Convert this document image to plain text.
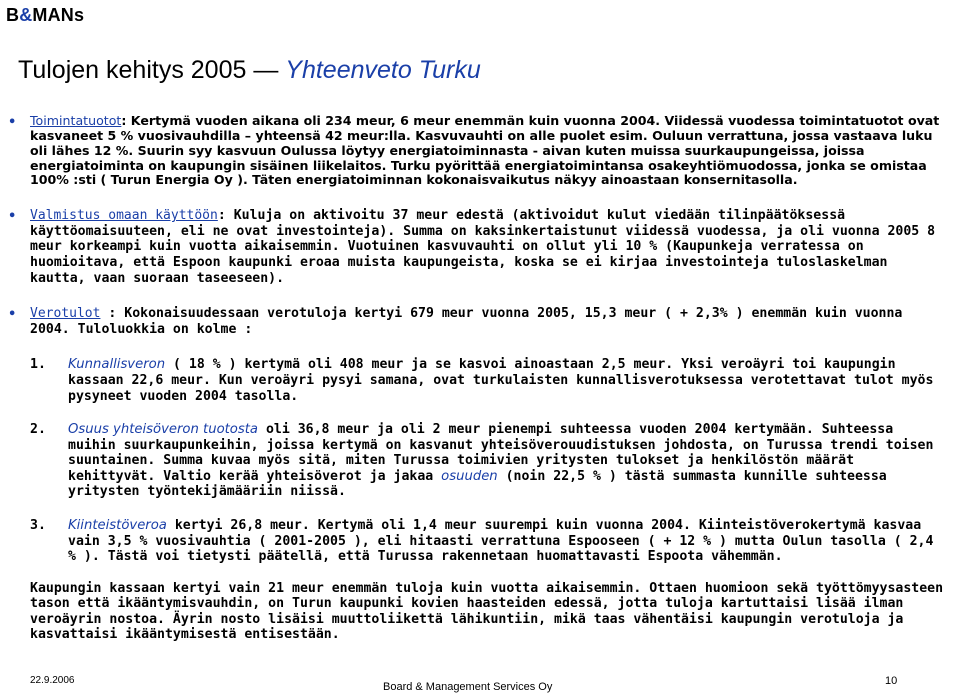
B&MANs
Tulojen kehitys 2005 — Yhteenveto Turku
• Toimintatuotot: Kertymä vuoden aikana oli 234 meur, 6 meur enemmän kuin vuonna 2004. Viidessä vuodessa toimintatuotot ovat kasvaneet 5 % vuosivauhdilla – yhteensä 42 meur:lla. Kasvuvauhti on alle puolet esim. Ouluun verrattuna, jossa vastaava luku oli lähes 12 %. Suurin syy kasvuun Oulussa löytyy energiatoiminnasta - aivan kuten muissa suurkaupungeissa, joissa energiatoiminta on kaupungin sisäinen liikelaitos. Turku pyörittää energiatoimintansa osakeyhtiömuodossa, jonka se omistaa 100% :sti ( Turun Energia Oy ). Täten energiatoiminnan kokonaisvaikutus näkyy ainoastaan konsernitasolla.
• Valmistus omaan käyttöön: Kuluja on aktivoitu 37 meur edestä (aktivoidut kulut viedään tilinpäätöksessä käyttöomaisuuteen, eli ne ovat investointeja). Summa on kaksinkertaistunut viidessä vuodessa, ja oli vuonna 2005 8 meur korkeampi kuin vuotta aikaisemmin. Vuotuinen kasvuvauhti on ollut yli 10 % (Kaupunkeja verratessa on huomioitava, että Espoon kaupunki eroaa muista kaupungeista, koska se ei kirjaa investointeja tuloslaskelman kautta, vaan suoraan taseeseen).
• Verotulot : Kokonaisuudessaan verotuloja kertyi 679 meur vuonna 2005, 15,3 meur ( + 2,3% ) enemmän kuin vuonna 2004. Tuloluokkia on kolme :
1. Kunnallisveron ( 18 % ) kertymä oli 408 meur ja se kasvoi ainoastaan 2,5 meur. Yksi veroäyri toi kaupungin kassaan 22,6 meur. Kun veroäyri pysyi samana, ovat turkulaisten kunnallisverotuksessa verotettavat tulot myös pysyneet vuoden 2004 tasolla.
2. Osuus yhteisöveron tuotosta oli 36,8 meur ja oli 2 meur pienempi suhteessa vuoden 2004 kertymään. Suhteessa muihin suurkaupunkeihin, joissa kertymä on kasvanut yhteisöverouudistuksen johdosta, on Turussa trendi toisen suuntainen. Summa kuvaa myös sitä, miten Turussa toimivien yritysten tulokset ja henkilöstön määrät kehittyvät. Valtio kerää yhteisöverot ja jakaa osuuden (noin 22,5 % ) tästä summasta kunnille suhteessa yritysten työntekijämääriin niissä.
3. Kiinteistöveroa kertyi 26,8 meur. Kertymä oli 1,4 meur suurempi kuin vuonna 2004. Kiinteistöverokertymä kasvaa vain 3,5 % vuosivauhtia ( 2001-2005 ), eli hitaasti verrattuna Espooseen ( + 12 % ) mutta Oulun tasolla ( 2,4 % ). Tästä voi tietysti päätellä, että Turussa rakennetaan huomattavasti Espoota vähemmän.
Kaupungin kassaan kertyi vain 21 meur enemmän tuloja kuin vuotta aikaisemmin. Ottaen huomioon sekä työttömyysasteen tason että ikääntymisvauhdin, on Turun kaupunki kovien haasteiden edessä, jotta tuloja kartuttaisi lisää ilman veroäyrin nostoa. Äyrin nosto lisäisi muuttoliikettä lähikuntiin, mikä taas vähentäisi kaupungin verotuloja ja kasvattaisi ikääntymisestä entisestään.
22.9.2006
Board & Management Services Oy	10
